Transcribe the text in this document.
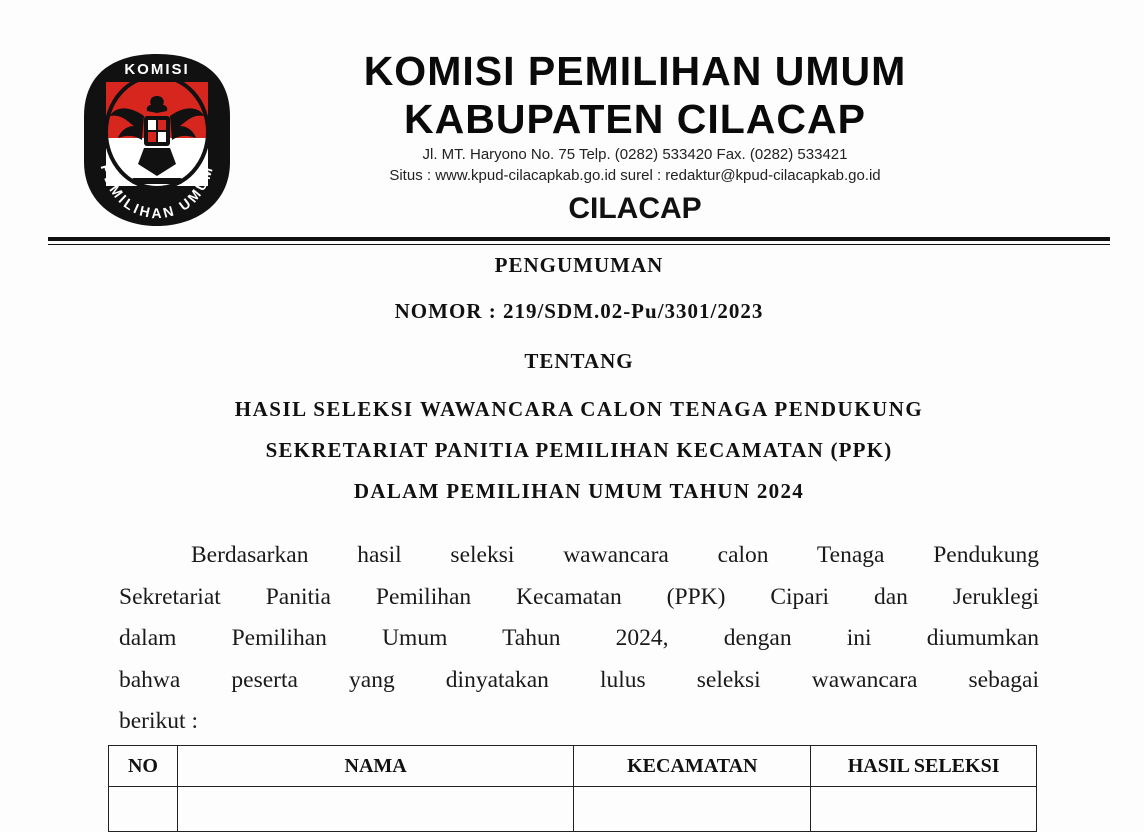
KOMISI
PEMILIHAN UMUM
KOMISI PEMILIHAN UMUM
KABUPATEN CILACAP
Jl. MT. Haryono No. 75 Telp. (0282) 533420 Fax. (0282) 533421
Situs : www.kpud-cilacapkab.go.id surel : redaktur@kpud-cilacapkab.go.id
CILACAP
PENGUMUMAN
NOMOR : 219/SDM.02-Pu/3301/2023
TENTANG
HASIL SELEKSI WAWANCARA CALON TENAGA PENDUKUNG
SEKRETARIAT PANITIA PEMILIHAN KECAMATAN (PPK)
DALAM PEMILIHAN UMUM TAHUN 2024
Berdasarkan hasil seleksi wawancara calon Tenaga Pendukung
Sekretariat Panitia Pemilihan Kecamatan (PPK) Cipari dan Jeruklegi
dalam Pemilihan Umum Tahun 2024, dengan ini diumumkan
bahwa peserta yang dinyatakan lulus seleksi wawancara sebagai
berikut :
NO	NAMA	KECAMATAN	HASIL SELEKSI
